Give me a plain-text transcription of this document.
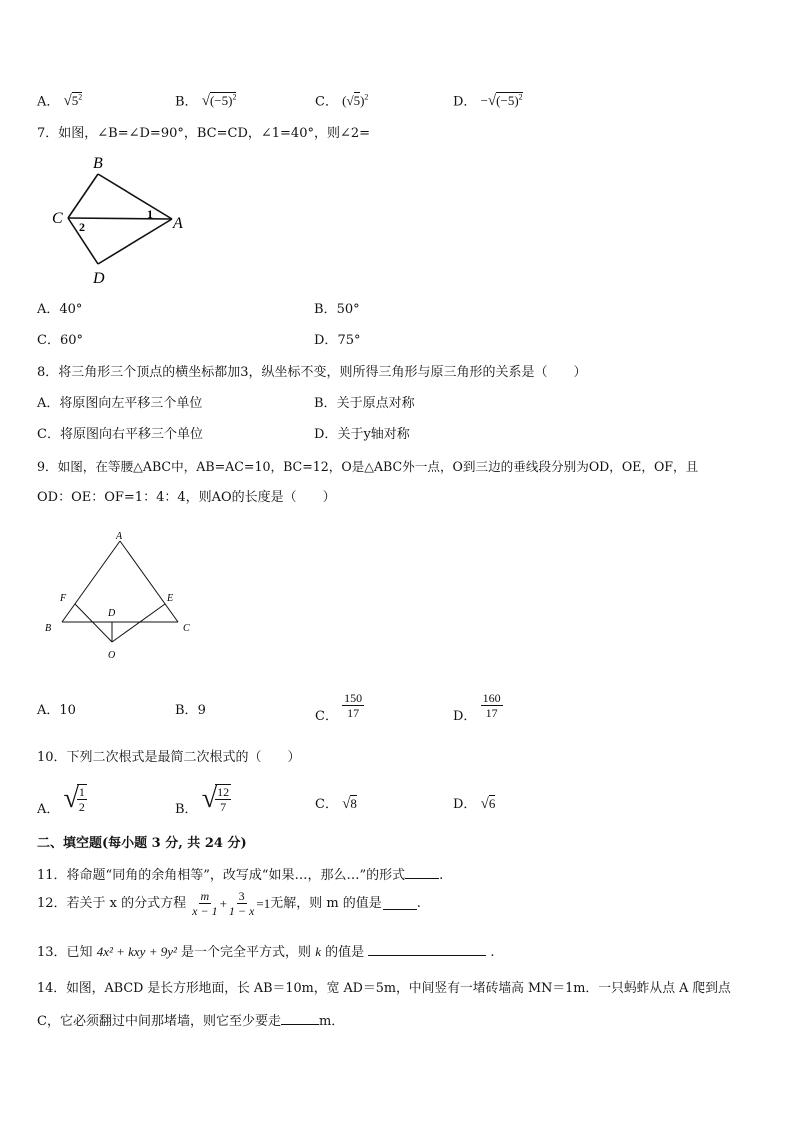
A． $√5^2$	B． $√(-5)^2$	C． $(√5)^2$	D． $-√(-5)^2$
7．如图，∠B=∠D=90°，BC=CD，∠1=40°，则∠2=
B
C	A
D
1
2
A．40°	B．50°
C．60°	D．75°
8．将三角形三个顶点的横坐标都加3，纵坐标不变，则所得三角形与原三角形的关系是（　　）
A．将原图向左平移三个单位	B．关于原点对称
C．将原图向右平移三个单位	D．关于y轴对称
9．如图，在等腰△ABC中，AB=AC=10，BC=12，O是△ABC外一点，O到三边的垂线段分别为OD，OE，OF，且
OD：OE：OF=1：4：4，则AO的长度是（　　）
A
F	E
D
B	C
O
A．10	B．9	C． $\frac{150}{17}$	D． $\frac{160}{17}$
10．下列二次根式是最简二次根式的（　　）
A． √
$\frac{1}{2}$	B． √
$\frac{12}{7}$	C． √8	D． √6
二、填空题(每小题 3 分, 共 24 分)
11．将命题“同角的余角相等”，改写成“如果…，那么…”的形式	.
12．若关于 x 的分式方程 $\frac{m}{x - 1} + \frac{3}{1 - x} =1$ 无解，则 m 的值是	.
13．已知 4x² + kxy + 9y² 是一个完全平方式，则 k 的值是	.
14．如图，ABCD 是长方形地面，长 AB＝10m，宽 AD＝5m，中间竖有一堵砖墙高 MN＝1m．一只蚂蚱从点 A 爬到点
C，它必须翻过中间那堵墙，则它至少要走	m．
